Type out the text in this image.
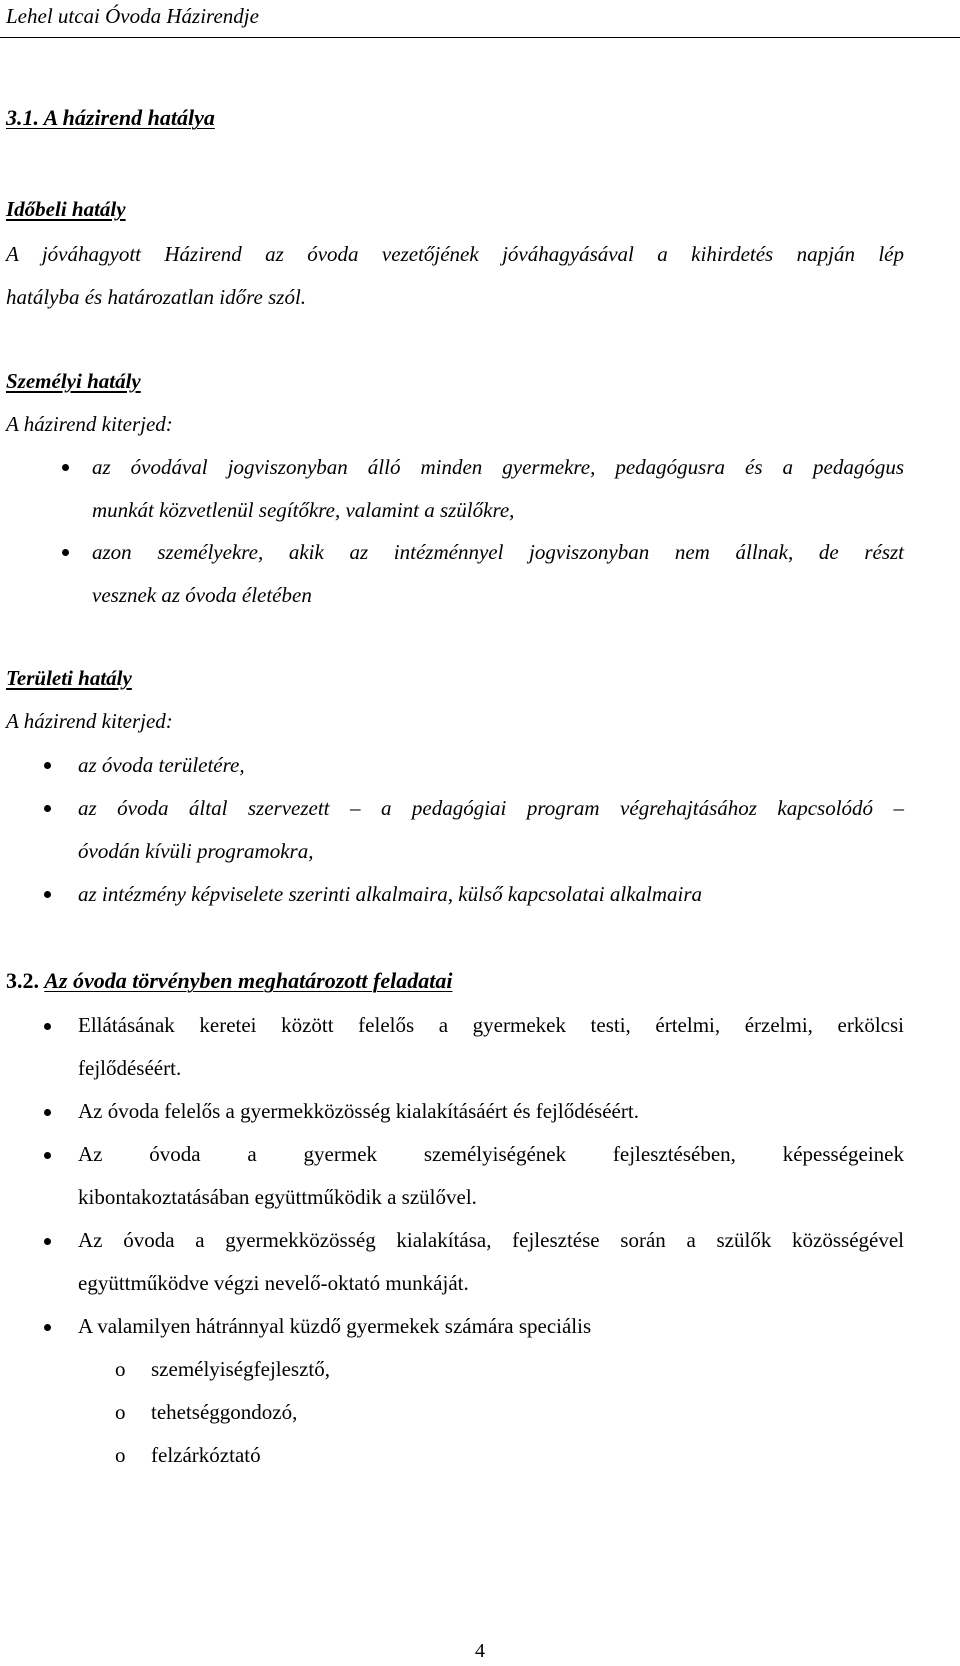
Lehel utcai Óvoda Házirendje
3.1. A házirend hatálya
Időbeli hatály
A jóváhagyott Házirend az óvoda vezetőjének jóváhagyásával a kihirdetés napján lép
hatályba és határozatlan időre szól.
Személyi hatály
A házirend kiterjed:
az óvodával jogviszonyban álló minden gyermekre, pedagógusra és a pedagógus
munkát közvetlenül segítőkre, valamint a szülőkre,
azon személyekre, akik az intézménnyel jogviszonyban nem állnak, de részt
vesznek az óvoda életében
Területi hatály
A házirend kiterjed:
az óvoda területére,
az óvoda által szervezett – a pedagógiai program végrehajtásához kapcsolódó –
óvodán kívüli programokra,
az intézmény képviselete szerinti alkalmaira, külső kapcsolatai alkalmaira
3.2. Az óvoda törvényben meghatározott feladatai
Ellátásának keretei között felelős a gyermekek testi, értelmi, érzelmi, erkölcsi
fejlődéséért.
Az óvoda felelős a gyermekközösség kialakításáért és fejlődéséért.
Az óvoda a gyermek személyiségének fejlesztésében, képességeinek
kibontakoztatásában együttműködik a szülővel.
Az óvoda a gyermekközösség kialakítása, fejlesztése során a szülők közösségével
együttműködve végzi nevelő-oktató munkáját.
A valamilyen hátránnyal küzdő gyermekek számára speciális
o személyiségfejlesztő,
o tehetséggondozó,
o felzárkóztató
4
